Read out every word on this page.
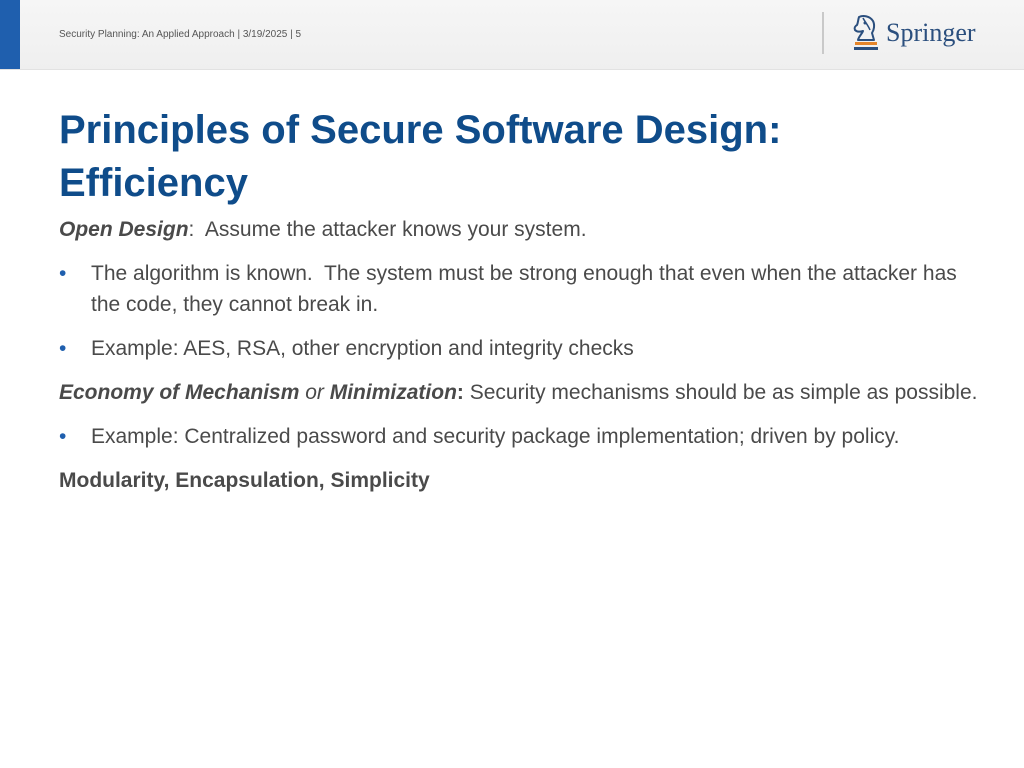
Security Planning: An Applied Approach | 3/19/2025 | 5	Springer
Principles of Secure Software Design:
Efficiency

Open Design:  Assume the attacker knows your system.

• The algorithm is known.  The system must be strong enough that even when the attacker has the code, they cannot break in.
• Example: AES, RSA, other encryption and integrity checks

Economy of Mechanism or Minimization: Security mechanisms should be as simple as possible.

• Example: Centralized password and security package implementation; driven by policy.

Modularity, Encapsulation, Simplicity
